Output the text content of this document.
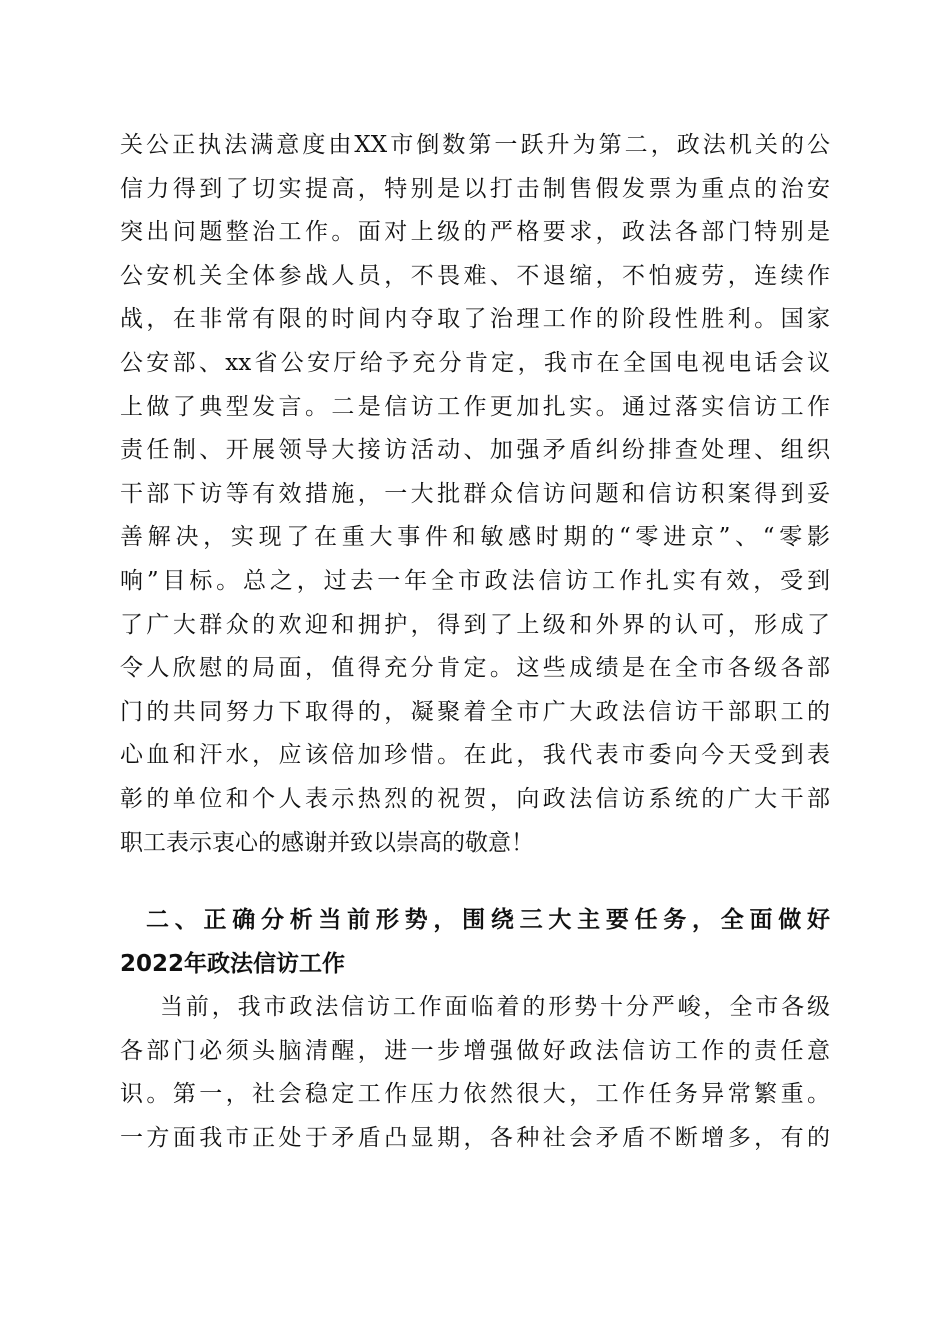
关公正执法满意度由XX市倒数第一跃升为第二，政法机关的公
信力得到了切实提高，特别是以打击制售假发票为重点的治安
突出问题整治工作。面对上级的严格要求，政法各部门特别是
公安机关全体参战人员，不畏难、不退缩，不怕疲劳，连续作
战，在非常有限的时间内夺取了治理工作的阶段性胜利。国家
公安部、xx省公安厅给予充分肯定，我市在全国电视电话会议
上做了典型发言。二是信访工作更加扎实。通过落实信访工作
责任制、开展领导大接访活动、加强矛盾纠纷排查处理、组织
干部下访等有效措施，一大批群众信访问题和信访积案得到妥
善解决，实现了在重大事件和敏感时期的“零进京”、“零影
响”目标。总之，过去一年全市政法信访工作扎实有效，受到
了广大群众的欢迎和拥护，得到了上级和外界的认可，形成了
令人欣慰的局面，值得充分肯定。这些成绩是在全市各级各部
门的共同努力下取得的，凝聚着全市广大政法信访干部职工的
心血和汗水，应该倍加珍惜。在此，我代表市委向今天受到表
彰的单位和个人表示热烈的祝贺，向政法信访系统的广大干部
职工表示衷心的感谢并致以崇高的敬意！
二、正确分析当前形势，围绕三大主要任务，全面做好
2022年政法信访工作
当前，我市政法信访工作面临着的形势十分严峻，全市各级
各部门必须头脑清醒，进一步增强做好政法信访工作的责任意
识。第一，社会稳定工作压力依然很大，工作任务异常繁重。
一方面我市正处于矛盾凸显期，各种社会矛盾不断增多，有的
